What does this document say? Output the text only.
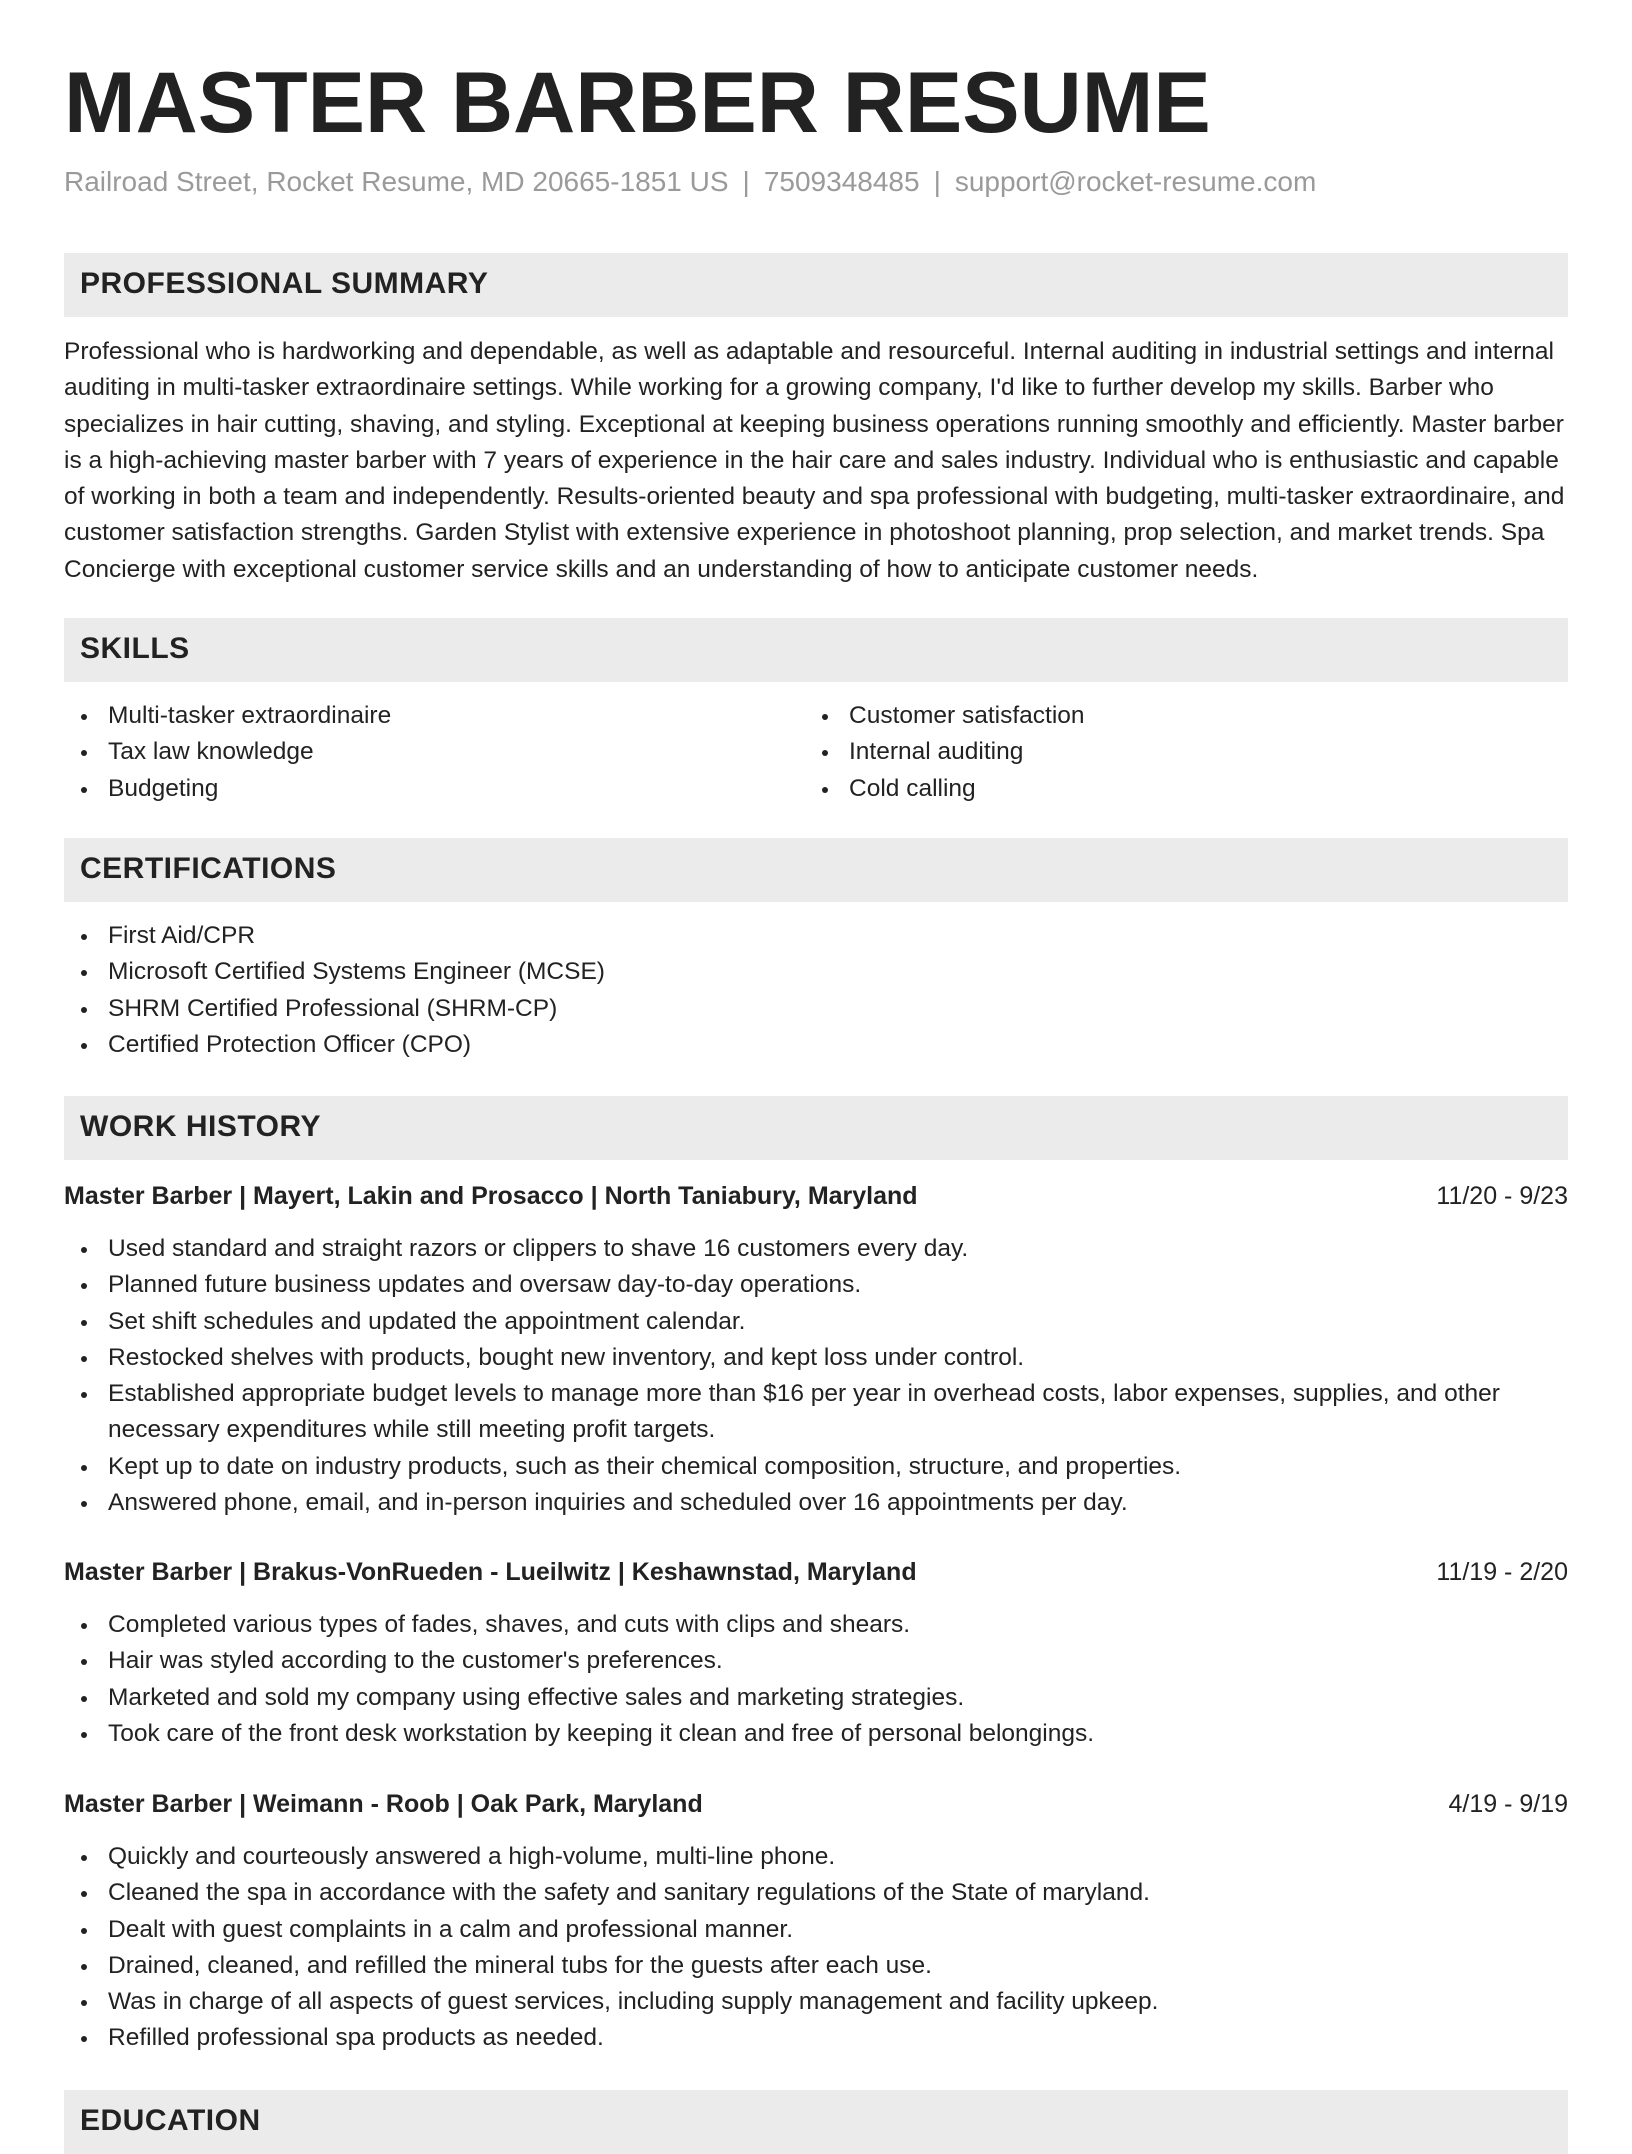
MASTER BARBER RESUME
Railroad Street, Rocket Resume, MD 20665-1851 US | 7509348485 | support@rocket-resume.com
PROFESSIONAL SUMMARY

Professional who is hardworking and dependable, as well as adaptable and resourceful. Internal auditing in industrial settings and internal auditing in multi-tasker extraordinaire settings. While working for a growing company, I'd like to further develop my skills. Barber who specializes in hair cutting, shaving, and styling. Exceptional at keeping business operations running smoothly and efficiently. Master barber is a high-achieving master barber with 7 years of experience in the hair care and sales industry. Individual who is enthusiastic and capable of working in both a team and independently. Results-oriented beauty and spa professional with budgeting, multi-tasker extraordinaire, and customer satisfaction strengths. Garden Stylist with extensive experience in photoshoot planning, prop selection, and market trends. Spa Concierge with exceptional customer service skills and an understanding of how to anticipate customer needs.

SKILLS
Multi-tasker extraordinaire
Tax law knowledge
Budgeting
Customer satisfaction
Internal auditing
Cold calling
CERTIFICATIONS
First Aid/CPR
Microsoft Certified Systems Engineer (MCSE)
SHRM Certified Professional (SHRM-CP)
Certified Protection Officer (CPO)
WORK HISTORY
Master Barber | Mayert, Lakin and Prosacco | North Taniabury, Maryland	11/20 - 9/23
Used standard and straight razors or clippers to shave 16 customers every day.
Planned future business updates and oversaw day-to-day operations.
Set shift schedules and updated the appointment calendar.
Restocked shelves with products, bought new inventory, and kept loss under control.
Established appropriate budget levels to manage more than $16 per year in overhead costs, labor expenses, supplies, and other necessary expenditures while still meeting profit targets.
Kept up to date on industry products, such as their chemical composition, structure, and properties.
Answered phone, email, and in-person inquiries and scheduled over 16 appointments per day.
Master Barber | Brakus-VonRueden - Lueilwitz | Keshawnstad, Maryland	11/19 - 2/20
Completed various types of fades, shaves, and cuts with clips and shears.
Hair was styled according to the customer's preferences.
Marketed and sold my company using effective sales and marketing strategies.
Took care of the front desk workstation by keeping it clean and free of personal belongings.
Master Barber | Weimann - Roob | Oak Park, Maryland	4/19 - 9/19
Quickly and courteously answered a high-volume, multi-line phone.
Cleaned the spa in accordance with the safety and sanitary regulations of the State of maryland.
Dealt with guest complaints in a calm and professional manner.
Drained, cleaned, and refilled the mineral tubs for the guests after each use.
Was in charge of all aspects of guest services, including supply management and facility upkeep.
Refilled professional spa products as needed.
EDUCATION
